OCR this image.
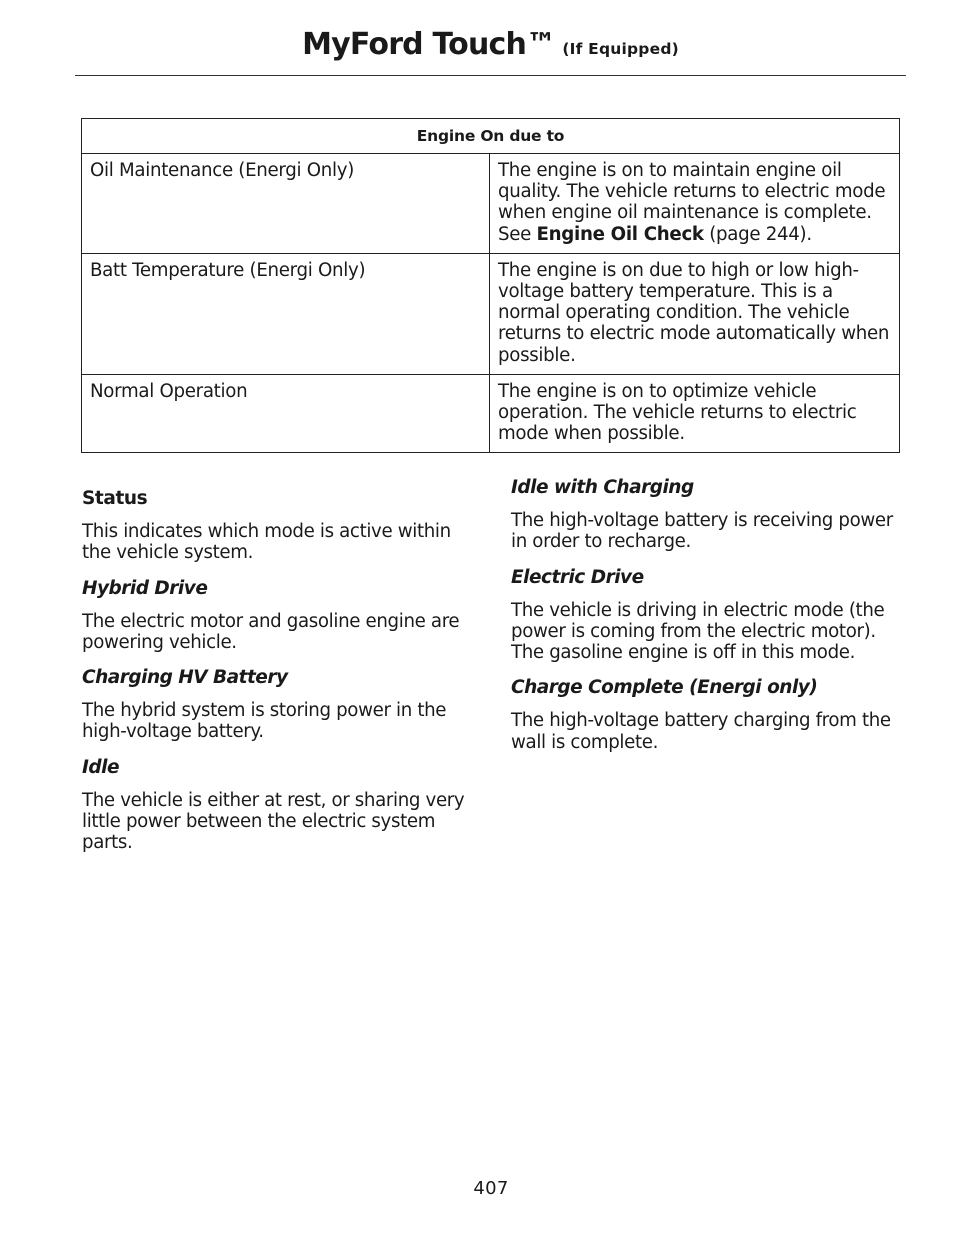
MyFord Touch™ (If Equipped)
Engine On due to	
Oil Maintenance (Energi Only)	The engine is on to maintain engine oil quality. The vehicle returns to electric mode when engine oil maintenance is complete. See Engine Oil Check (page 244).
Batt Temperature (Energi Only)	The engine is on due to high or low high-voltage battery temperature. This is a normal operating condition. The vehicle returns to electric mode automatically when possible.
Normal Operation	The engine is on to optimize vehicle operation. The vehicle returns to electric mode when possible.
Status

This indicates which mode is active within the vehicle system.

Hybrid Drive

The electric motor and gasoline engine are powering vehicle.

Charging HV Battery

The hybrid system is storing power in the high-voltage battery.

Idle

The vehicle is either at rest, or sharing very little power between the electric system parts.

Idle with Charging

The high-voltage battery is receiving power in order to recharge.

Electric Drive

The vehicle is driving in electric mode (the power is coming from the electric motor). The gasoline engine is off in this mode.

Charge Complete (Energi only)

The high-voltage battery charging from the wall is complete.

407
